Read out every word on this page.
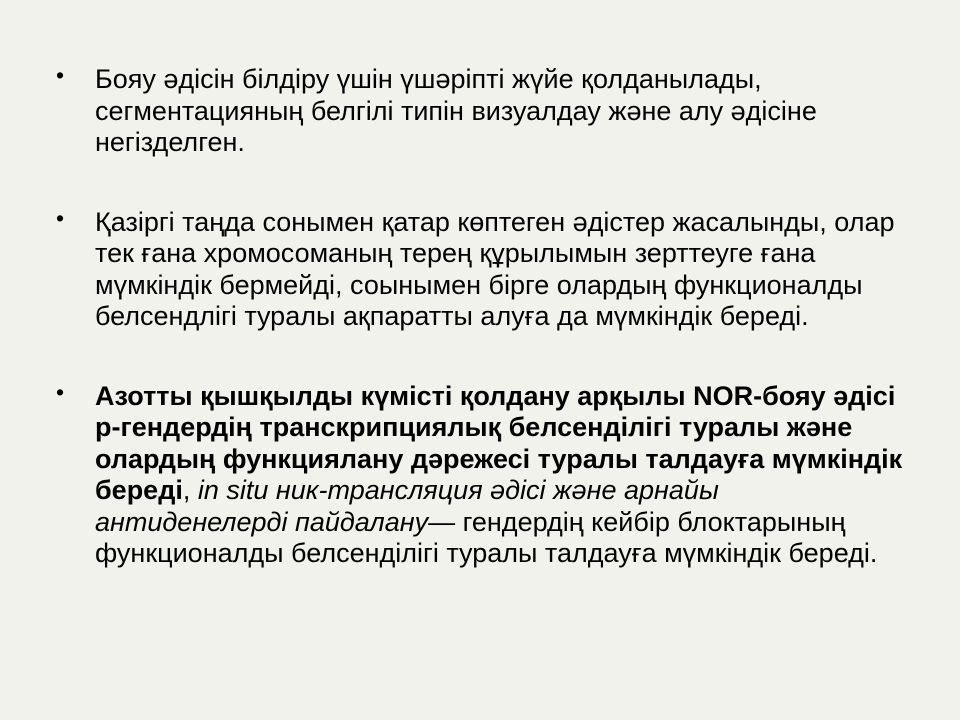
• Бояу әдісін білдіру үшін үшәріпті жүйе қолданылады, сегментацияның белгілі типін визуалдау және алу әдісіне негізделген.
• Қазіргі таңда сонымен қатар көптеген әдістер жасалынды, олар тек ғана хромосоманың терең құрылымын зерттеуге ғана мүмкіндік бермейді, соынымен бірге олардың функционалды белсендлігі туралы ақпаратты алуға да мүмкіндік береді.
• Азотты қышқылды күмісті қолдану арқылы NOR-бояу әдісі р-гендердің транскрипциялық белсенділігі туралы және олардың функциялану дәрежесі туралы талдауға мүмкіндік береді, in situ ник-трансляция әдісі және арнайы антиденелерді пайдалану— гендердің кейбір блоктарының функционалды белсенділігі туралы талдауға мүмкіндік береді.
